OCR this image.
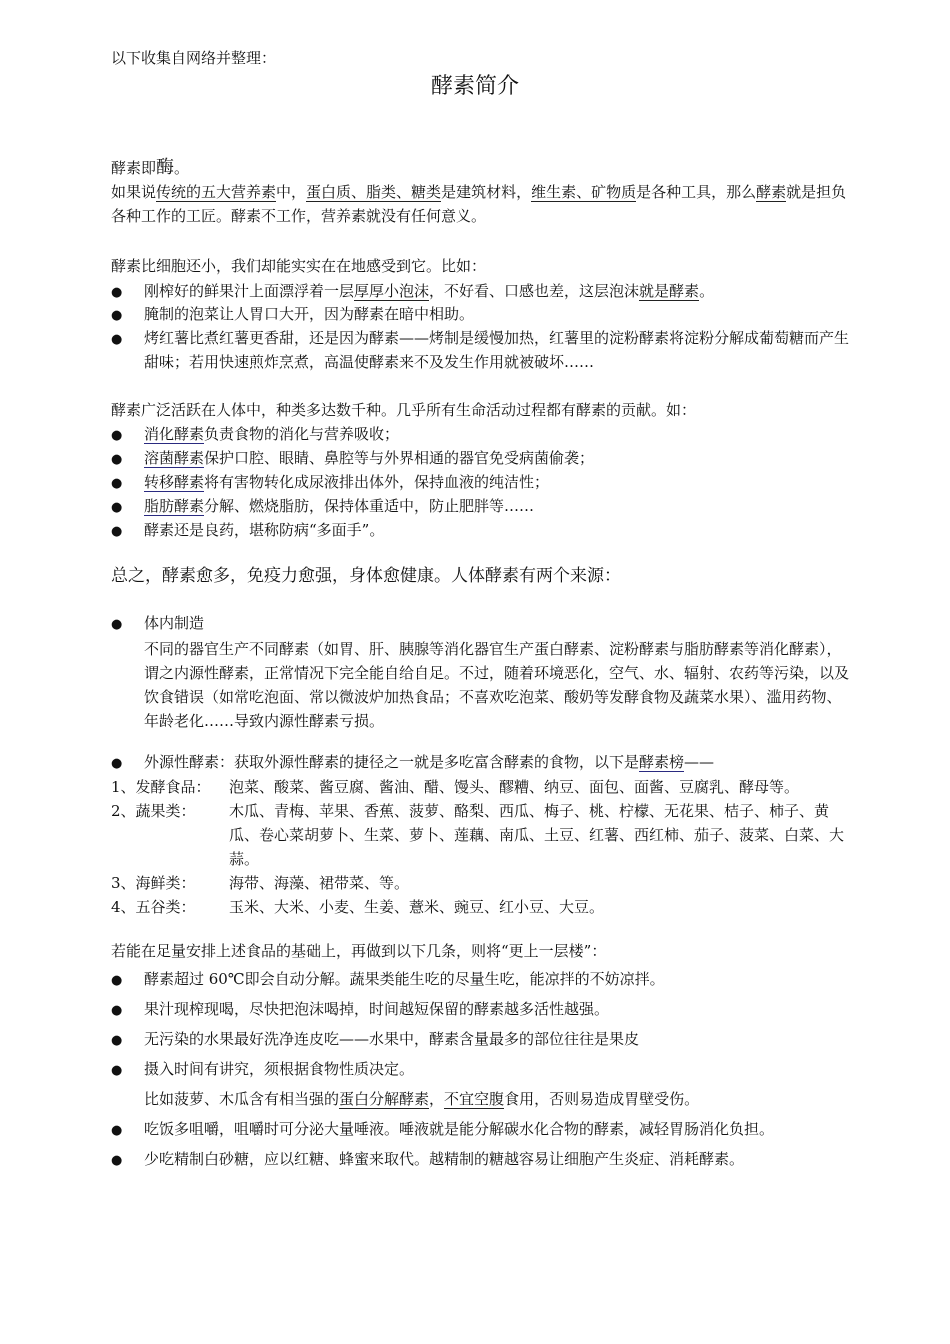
以下收集自网络并整理：
酵素简介
酵素即酶。
如果说传统的五大营养素中，蛋白质、脂类、糖类是建筑材料，维生素、矿物质是各种工具，那么酵素就是担负各种工作的工匠。酵素不工作，营养素就没有任何意义。
酵素比细胞还小，我们却能实实在在地感受到它。比如：
●
刚榨好的鲜果汁上面漂浮着一层厚厚小泡沫，不好看、口感也差，这层泡沫就是酵素。
●
腌制的泡菜让人胃口大开，因为酵素在暗中相助。
●
烤红薯比煮红薯更香甜，还是因为酵素——烤制是缓慢加热，红薯里的淀粉酵素将淀粉分解成葡萄糖而产生甜味；若用快速煎炸烹煮，高温使酵素来不及发生作用就被破坏……
酵素广泛活跃在人体中，种类多达数千种。几乎所有生命活动过程都有酵素的贡献。如：
●
消化酵素负责食物的消化与营养吸收；
●
溶菌酵素保护口腔、眼睛、鼻腔等与外界相通的器官免受病菌偷袭；
●
转移酵素将有害物转化成尿液排出体外，保持血液的纯洁性；
●
脂肪酵素分解、燃烧脂肪，保持体重适中，防止肥胖等……
●
酵素还是良药，堪称防病“多面手”。
总之，酵素愈多，免疫力愈强，身体愈健康。人体酵素有两个来源：
●
体内制造
不同的器官生产不同酵素（如胃、肝、胰腺等消化器官生产蛋白酵素、淀粉酵素与脂肪酵素等消化酵素），谓之内源性酵素，正常情况下完全能自给自足。不过，随着环境恶化，空气、水、辐射、农药等污染，以及饮食错误（如常吃泡面、常以微波炉加热食品；不喜欢吃泡菜、酸奶等发酵食物及蔬菜水果）、滥用药物、年龄老化……导致内源性酵素亏损。
●
外源性酵素：获取外源性酵素的捷径之一就是多吃富含酵素的食物，以下是酵素榜——
1、发酵食品： 泡菜、酸菜、酱豆腐、酱油、醋、馒头、醪糟、纳豆、面包、面酱、豆腐乳、酵母等。
2、蔬果类： 木瓜、青梅、苹果、香蕉、菠萝、酪梨、西瓜、梅子、桃、柠檬、无花果、桔子、柿子、黄瓜、卷心菜胡萝卜、生菜、萝卜、莲藕、南瓜、土豆、红薯、西红柿、茄子、菠菜、白菜、大蒜。
3、海鲜类： 海带、海藻、裙带菜、等。
4、五谷类： 玉米、大米、小麦、生姜、薏米、豌豆、红小豆、大豆。
若能在足量安排上述食品的基础上，再做到以下几条，则将“更上一层楼”：
●
酵素超过 60℃即会自动分解。蔬果类能生吃的尽量生吃，能凉拌的不妨凉拌。
●
果汁现榨现喝，尽快把泡沫喝掉，时间越短保留的酵素越多活性越强。
●
无污染的水果最好洗净连皮吃——水果中，酵素含量最多的部位往往是果皮
●
摄入时间有讲究，须根据食物性质决定。
比如菠萝、木瓜含有相当强的蛋白分解酵素，不宜空腹食用，否则易造成胃壁受伤。
●
吃饭多咀嚼，咀嚼时可分泌大量唾液。唾液就是能分解碳水化合物的酵素，减轻胃肠消化负担。
●
少吃精制白砂糖，应以红糖、蜂蜜来取代。越精制的糖越容易让细胞产生炎症、消耗酵素。
